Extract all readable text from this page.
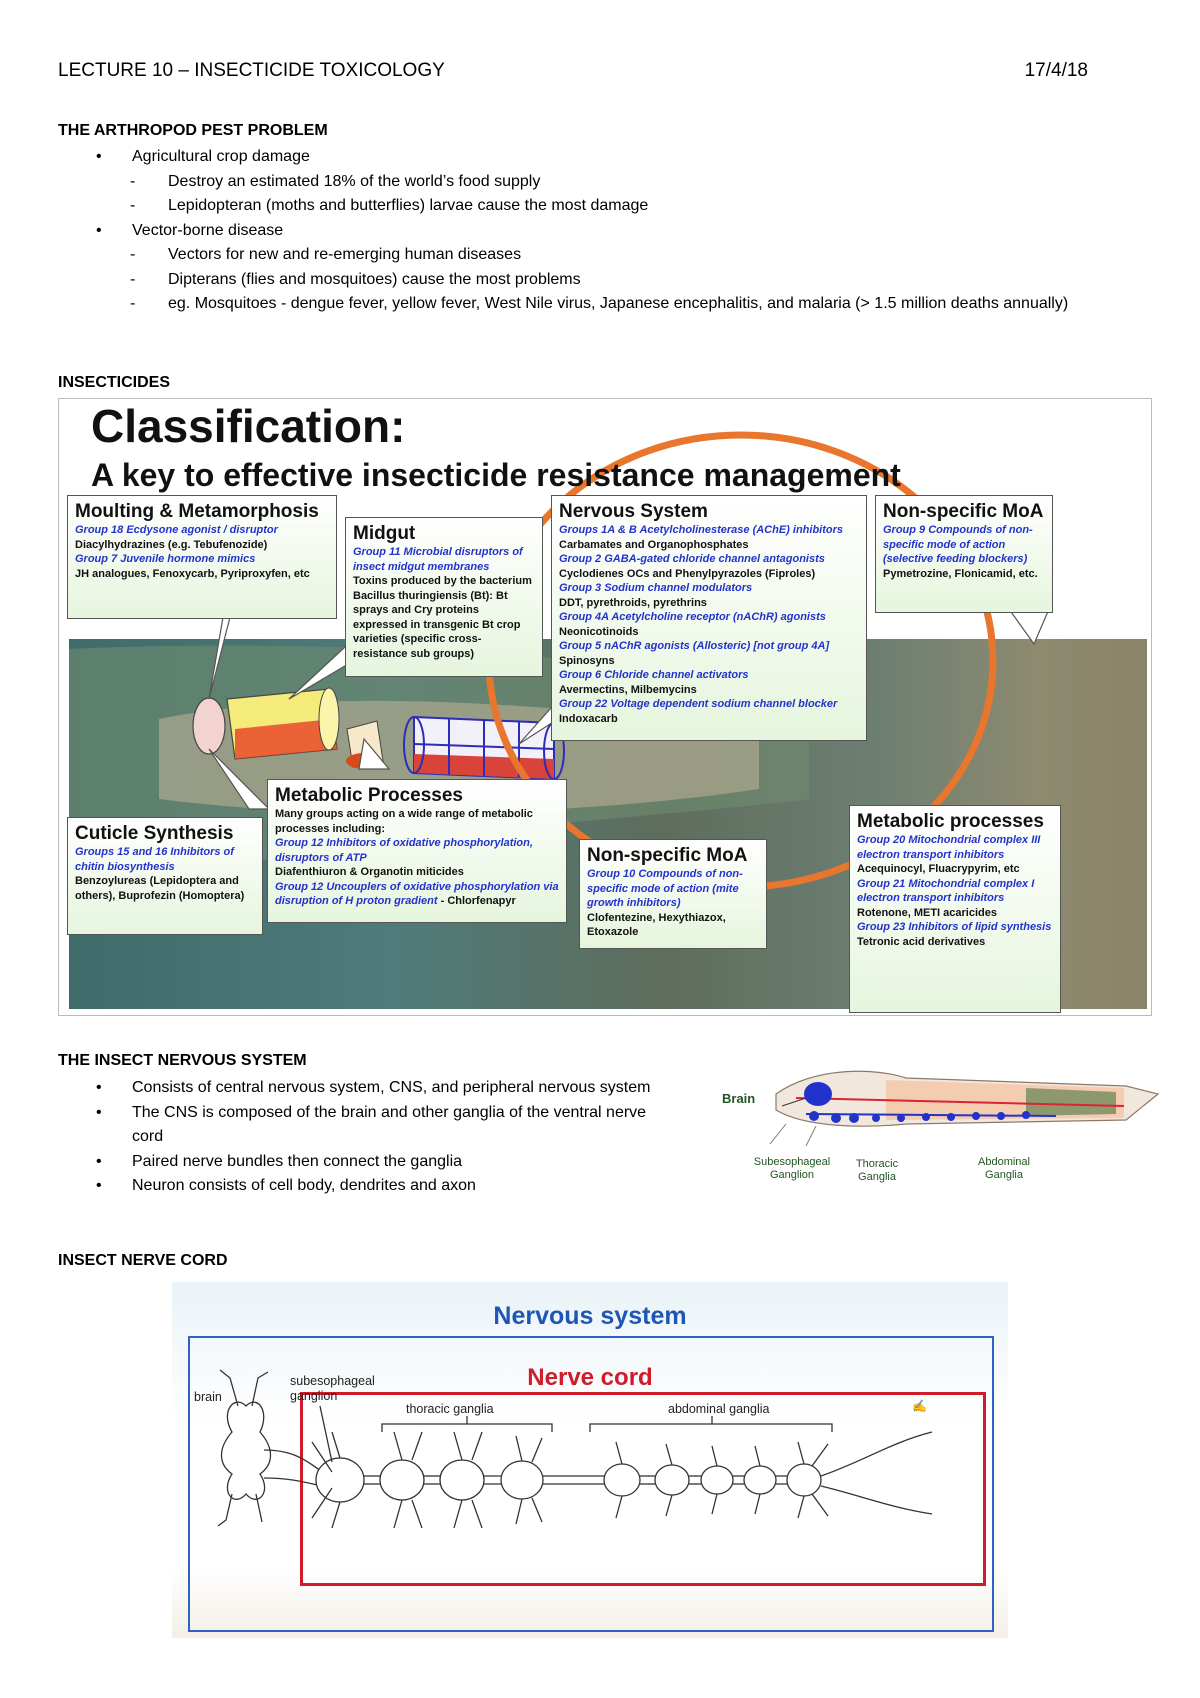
LECTURE 10 – INSECTICIDE TOXICOLOGY	17/4/18
THE ARTHROPOD PEST PROBLEM
• Agricultural crop damage
- Destroy an estimated 18% of the world’s food supply
- Lepidopteran (moths and butterflies) larvae cause the most damage
• Vector-borne disease
- Vectors for new and re-emerging human diseases
- Dipterans (flies and mosquitoes) cause the most problems
- eg. Mosquitoes - dengue fever, yellow fever, West Nile virus, Japanese encephalitis, and malaria (> 1.5 million deaths annually)
INSECTICIDES
Classification:
A key to effective insecticide resistance management
Moulting & Metamorphosis
Group 18 Ecdysone agonist / disruptor
Diacylhydrazines (e.g. Tebufenozide)
Group 7 Juvenile hormone mimics
JH analogues, Fenoxycarb, Pyriproxyfen, etc
Midgut
Group 11 Microbial disruptors of insect midgut membranes
Toxins produced by the bacterium Bacillus thuringiensis (Bt): Bt sprays and Cry proteins expressed in transgenic Bt crop varieties (specific cross-resistance sub groups)
Nervous System
Groups 1A & B Acetylcholinesterase (AChE) inhibitors
Carbamates and Organophosphates
Group 2 GABA-gated chloride channel antagonists
Cyclodienes OCs and Phenylpyrazoles (Fiproles)
Group 3 Sodium channel modulators
DDT, pyrethroids, pyrethrins
Group 4A Acetylcholine receptor (nAChR) agonists
Neonicotinoids
Group 5 nAChR agonists (Allosteric) [not group 4A]
Spinosyns
Group 6 Chloride channel activators
Avermectins, Milbemycins
Group 22 Voltage dependent sodium channel blocker
Indoxacarb
Non-specific MoA
Group 9 Compounds of non-specific mode of action (selective feeding blockers)
Pymetrozine, Flonicamid, etc.
Cuticle Synthesis
Groups 15 and 16 Inhibitors of chitin biosynthesis
Benzoylureas (Lepidoptera and others), Buprofezin (Homoptera)
Metabolic Processes
Many groups acting on a wide range of metabolic processes including:
Group 12 Inhibitors of oxidative phosphorylation, disruptors of ATP
Diafenthiuron & Organotin miticides
Group 12 Uncouplers of oxidative phosphorylation via disruption of H proton gradient - Chlorfenapyr
Non-specific MoA
Group 10 Compounds of non-specific mode of action (mite growth inhibitors)
Clofentezine, Hexythiazox, Etoxazole
Metabolic processes
Group 20 Mitochondrial complex III electron transport inhibitors
Acequinocyl, Fluacrypyrim, etc
Group 21 Mitochondrial complex I electron transport inhibitors
Rotenone, METI acaricides
Group 23 Inhibitors of lipid synthesis
Tetronic acid derivatives
THE INSECT NERVOUS SYSTEM
• Consists of central nervous system, CNS, and peripheral nervous system
• The CNS is composed of the brain and other ganglia of the ventral nerve cord
• Paired nerve bundles then connect the ganglia
• Neuron consists of cell body, dendrites and axon
Brain
Subesophageal Ganglion
Thoracic Ganglia
Abdominal Ganglia
INSECT NERVE CORD
Nervous system
Nerve cord
✍
brain
subesophageal ganglion
thoracic ganglia	abdominal ganglia
